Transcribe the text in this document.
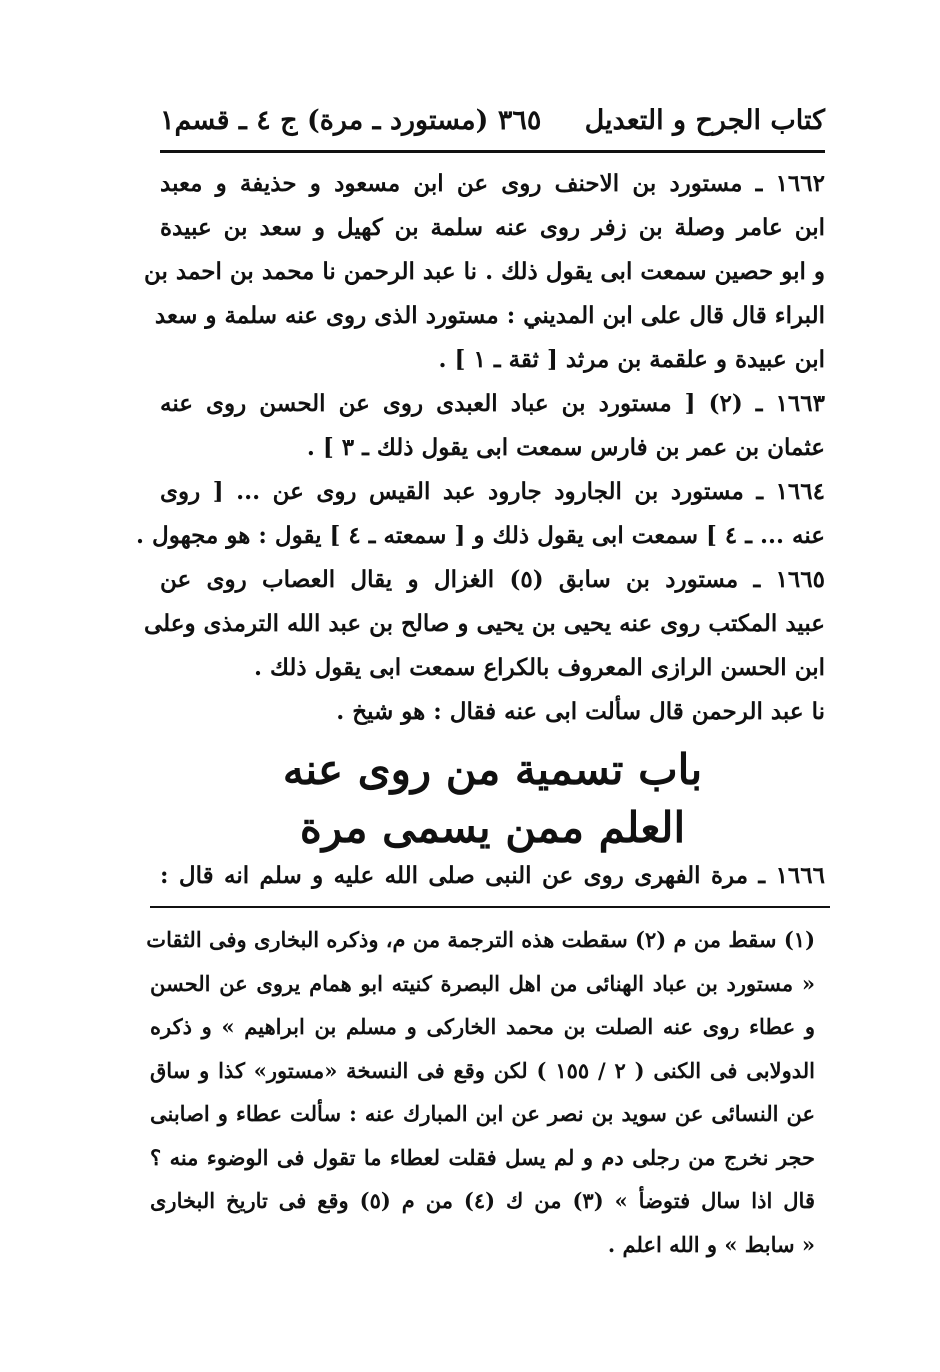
كتاب الجرح و التعديل
٣٦٥ (مستورد ـ مرة) ج ٤ ـ قسم١
١٦٦٢ ـ مستورد بن الاحنف روى عن ابن مسعود و حذيفة و معبد
ابن عامر وصلة بن زفر روى عنه سلمة بن كهيل و سعد بن عبيدة
و ابو حصين سمعت ابى يقول ذلك . نا عبد الرحمن نا محمد بن احمد بن
البراء قال قال على ابن المديني : مستورد الذى روى عنه سلمة و سعد
ابن عبيدة و علقمة بن مرثد [ ثقة ـ ١ ] .
١٦٦٣ ـ (٢) [ مستورد بن عباد العبدى روى عن الحسن روى عنه
عثمان بن عمر بن فارس سمعت ابى يقول ذلك ـ ٣ ] .
١٦٦٤ ـ مستورد بن الجارود جارود عبد القيس روى عن ... [ روى
عنه ... ـ ٤ ] سمعت ابى يقول ذلك و [ سمعته ـ ٤ ] يقول : هو مجهول .
١٦٦٥ ـ مستورد بن سابق (٥) الغزال و يقال العصاب روى عن
عبيد المكتب روى عنه يحيى بن يحيى و صالح بن عبد الله الترمذى وعلى
ابن الحسن الرازى المعروف بالكراع سمعت ابى يقول ذلك .
نا عبد الرحمن قال سألت ابى عنه فقال : هو شيخ .
باب تسمية من روى عنه
العلم ممن يسمى مرة
١٦٦٦ ـ مرة الفهرى روى عن النبى صلى الله عليه و سلم انه قال :
(١) سقط من م (٢) سقطت هذه الترجمة من م، وذكره البخارى وفى الثقات
« مستورد بن عباد الهنائى من اهل البصرة كنيته ابو همام يروى عن الحسن
و عطاء روى عنه الصلت بن محمد الخاركى و مسلم بن ابراهيم » و ذكره
الدولابى فى الكنى ( ٢ / ١٥٥ ) لكن وقع فى النسخة «مستور» كذا و ساق
عن النسائى عن سويد بن نصر عن ابن المبارك عنه : سألت عطاء و اصابنى
حجر نخرج من رجلى دم و لم يسل فقلت لعطاء ما تقول فى الوضوء منه ؟
قال اذا سال فتوضأ » (٣) من ك (٤) من م (٥) وقع فى تاريخ البخارى
« سابط » و الله اعلم .
